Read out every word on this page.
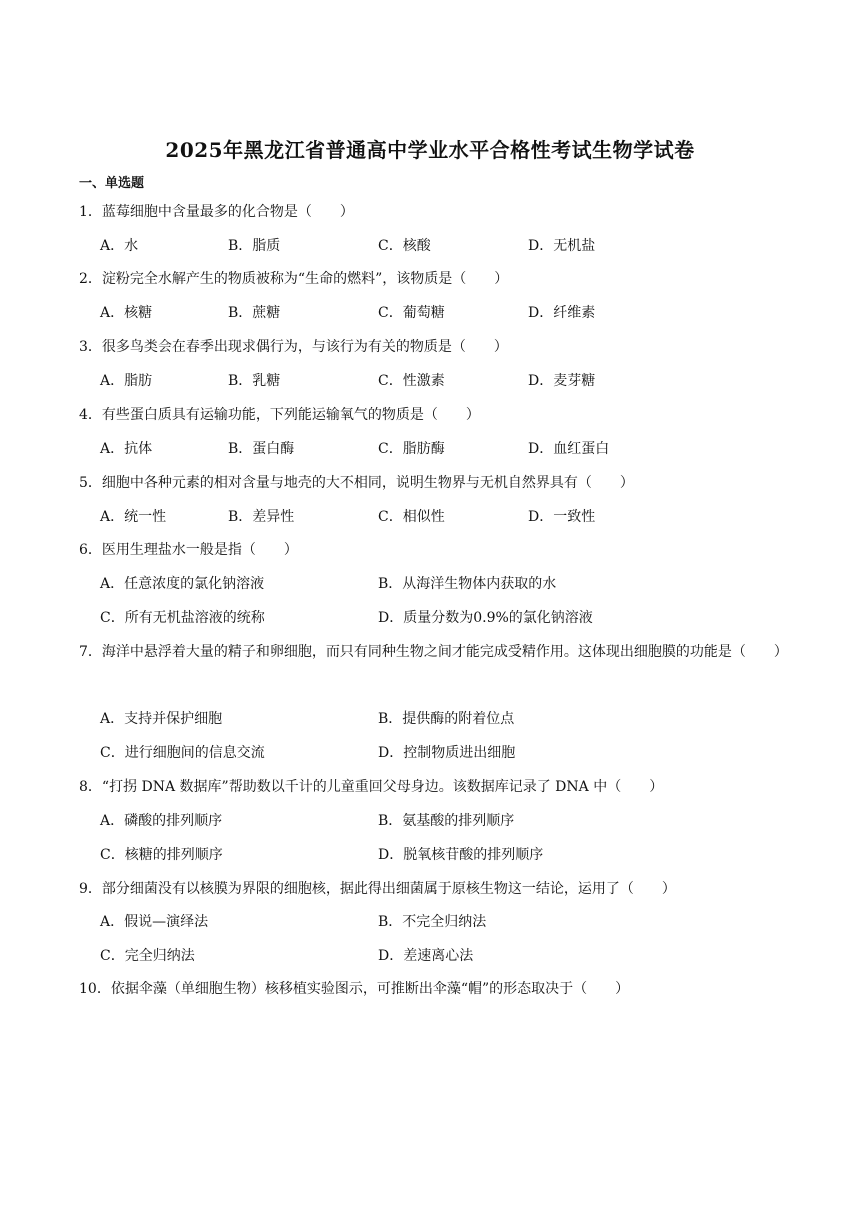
2025年黑龙江省普通高中学业水平合格性考试生物学试卷
一、单选题
1．蓝莓细胞中含量最多的化合物是（　　）
A．水	B．脂质	C．核酸	D．无机盐
2．淀粉完全水解产生的物质被称为“生命的燃料”，该物质是（　　）
A．核糖	B．蔗糖	C．葡萄糖	D．纤维素
3．很多鸟类会在春季出现求偶行为，与该行为有关的物质是（　　）
A．脂肪	B．乳糖	C．性激素	D．麦芽糖
4．有些蛋白质具有运输功能，下列能运输氧气的物质是（　　）
A．抗体	B．蛋白酶	C．脂肪酶	D．血红蛋白
5．细胞中各种元素的相对含量与地壳的大不相同，说明生物界与无机自然界具有（　　）
A．统一性	B．差异性	C．相似性	D．一致性
6．医用生理盐水一般是指（　　）
A．任意浓度的氯化钠溶液	B．从海洋生物体内获取的水
C．所有无机盐溶液的统称	D．质量分数为0.9%的氯化钠溶液
7．海洋中悬浮着大量的精子和卵细胞，而只有同种生物之间才能完成受精作用。这体现出细胞膜的功能是（　　）
A．支持并保护细胞	B．提供酶的附着位点
C．进行细胞间的信息交流	D．控制物质进出细胞
8．“打拐 DNA 数据库”帮助数以千计的儿童重回父母身边。该数据库记录了 DNA 中（　　）
A．磷酸的排列顺序	B．氨基酸的排列顺序
C．核糖的排列顺序	D．脱氧核苷酸的排列顺序
9．部分细菌没有以核膜为界限的细胞核，据此得出细菌属于原核生物这一结论，运用了（　　）
A．假说—演绎法	B．不完全归纳法
C．完全归纳法	D．差速离心法
10．依据伞藻（单细胞生物）核移植实验图示，可推断出伞藻“帽”的形态取决于（　　）
